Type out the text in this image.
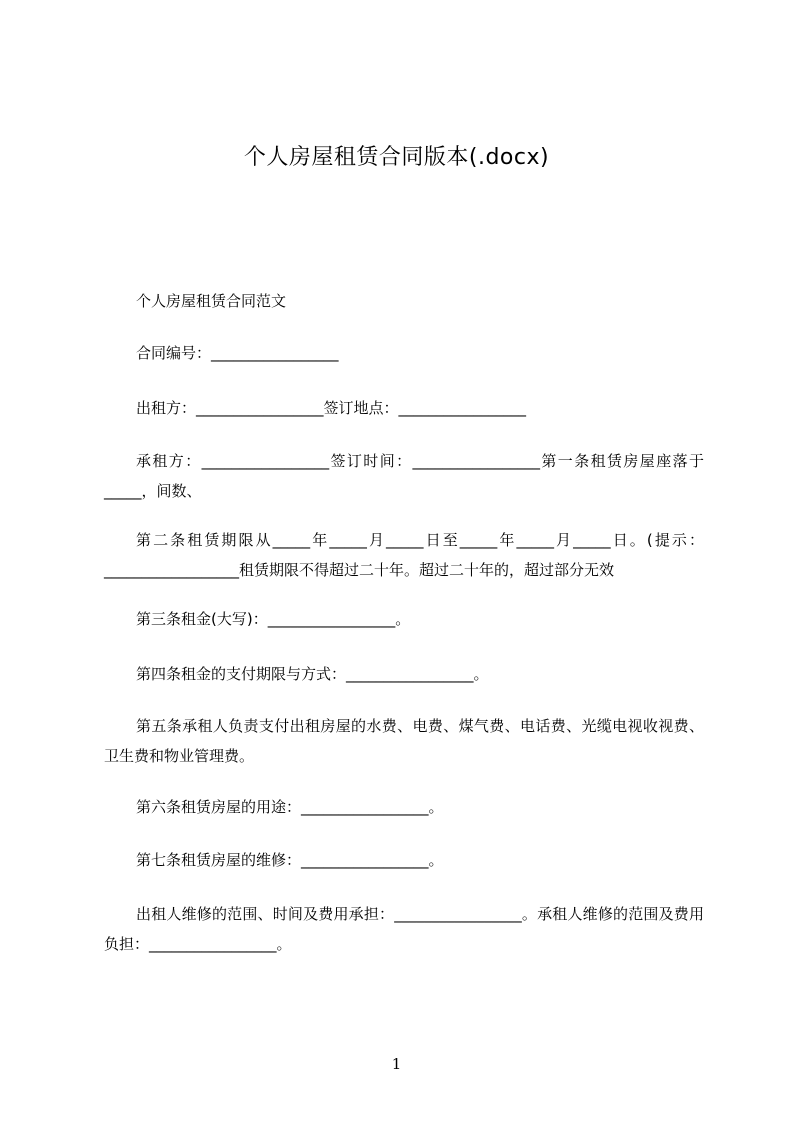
个人房屋租赁合同版本(.docx)
个人房屋租赁合同范文
合同编号：_________________
出租方：_________________签订地点：_________________
承租方：_________________签订时间：_________________第一条租赁房屋座落于_____，间数、
第二条租赁期限从_____年_____月_____日至_____年_____月_____日。(提示：__________________租赁期限不得超过二十年。超过二十年的，超过部分无效
第三条租金(大写)：_________________。
第四条租金的支付期限与方式：_________________。
第五条承租人负责支付出租房屋的水费、电费、煤气费、电话费、光缆电视收视费、卫生费和物业管理费。
第六条租赁房屋的用途：_________________。
第七条租赁房屋的维修：_________________。
出租人维修的范围、时间及费用承担：_________________。承租人维修的范围及费用负担：_________________。
1
